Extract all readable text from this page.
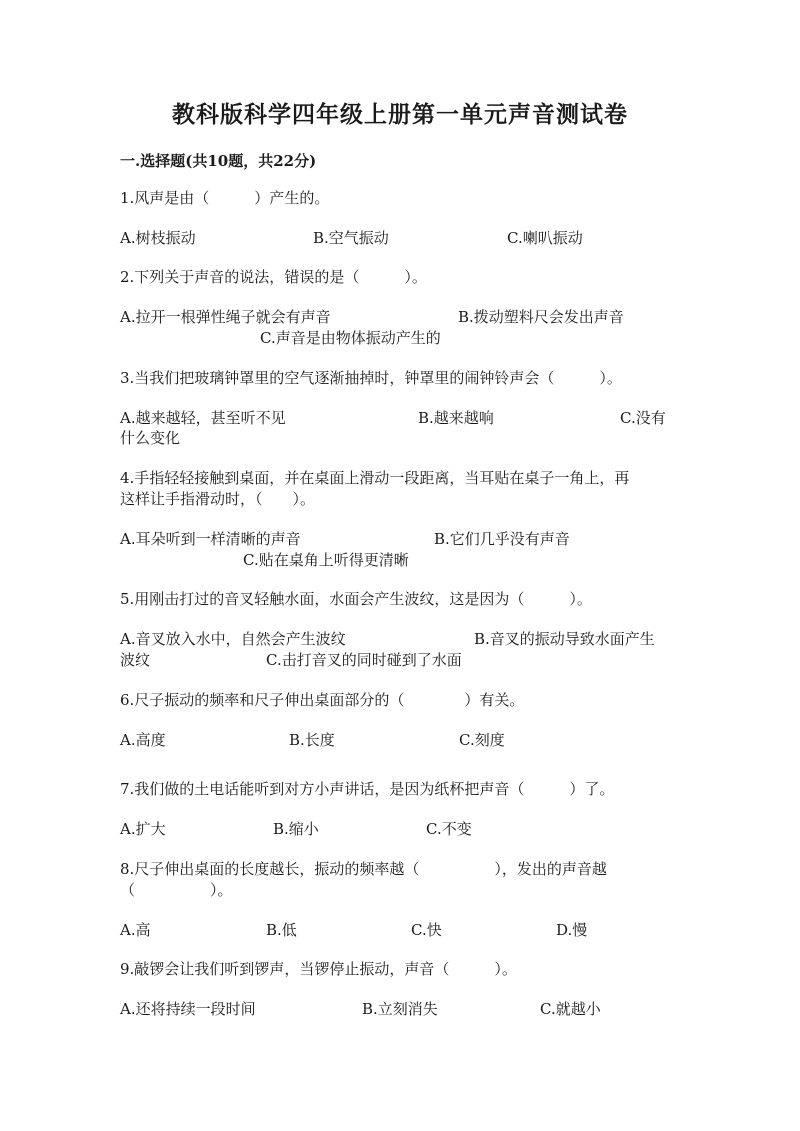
教科版科学四年级上册第一单元声音测试卷
一.选择题(共10题，共22分)
1.风声是由（　　　）产生的。
A.树枝振动	B.空气振动	C.喇叭振动
2.下列关于声音的说法，错误的是（　　　）。
A.拉开一根弹性绳子就会有声音	B.拨动塑料尺会发出声音
C.声音是由物体振动产生的
3.当我们把玻璃钟罩里的空气逐渐抽掉时，钟罩里的闹钟铃声会（　　　）。
A.越来越轻，甚至听不见	B.越来越响	C.没有
什么变化
4.手指轻轻接触到桌面，并在桌面上滑动一段距离，当耳贴在桌子一角上，再
这样让手指滑动时，（　　）。
A.耳朵听到一样清晰的声音	B.它们几乎没有声音
C.贴在桌角上听得更清晰
5.用刚击打过的音叉轻触水面，水面会产生波纹，这是因为（　　　）。
A.音叉放入水中，自然会产生波纹	B.音叉的振动导致水面产生
波纹	C.击打音叉的同时碰到了水面
6.尺子振动的频率和尺子伸出桌面部分的（　　　　）有关。
A.高度	B.长度	C.刻度
7.我们做的土电话能听到对方小声讲话，是因为纸杯把声音（　　　）了。
A.扩大	B.缩小	C.不变
8.尺子伸出桌面的长度越长，振动的频率越（　　　　　），发出的声音越
（　　　　　）。
A.高	B.低	C.快	D.慢
9.敲锣会让我们听到锣声，当锣停止振动，声音（　　　）。
A.还将持续一段时间	B.立刻消失	C.就越小
